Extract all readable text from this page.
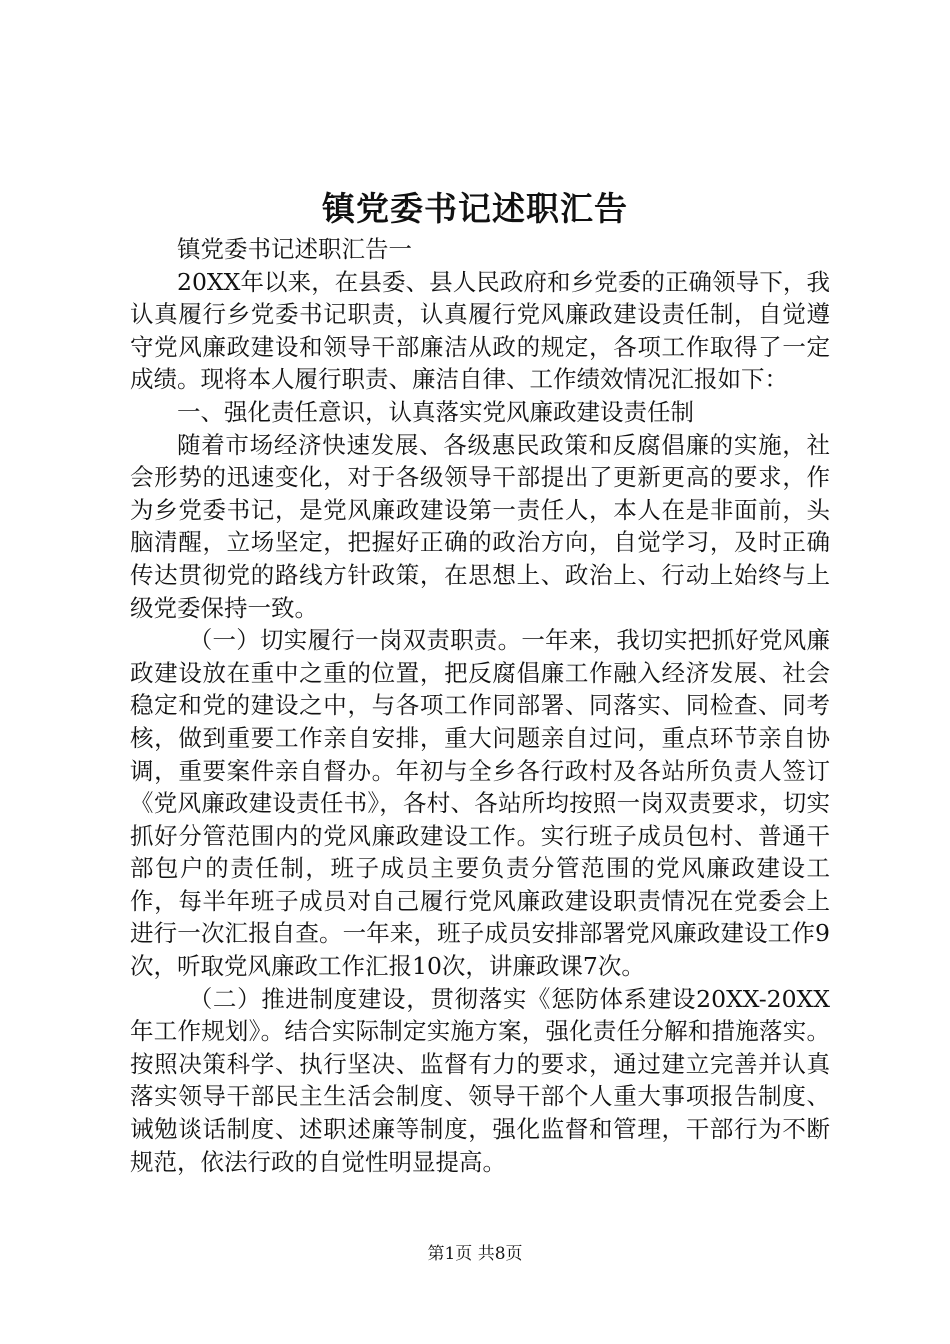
镇党委书记述职汇告

镇党委书记述职汇告一

20XX年以来，在县委、县人民政府和乡党委的正确领导下，我认真履行乡党委书记职责，认真履行党风廉政建设责任制，自觉遵守党风廉政建设和领导干部廉洁从政的规定，各项工作取得了一定成绩。现将本人履行职责、廉洁自律、工作绩效情况汇报如下：

一、强化责任意识，认真落实党风廉政建设责任制

随着市场经济快速发展、各级惠民政策和反腐倡廉的实施，社会形势的迅速变化，对于各级领导干部提出了更新更高的要求，作为乡党委书记，是党风廉政建设第一责任人，本人在是非面前，头脑清醒，立场坚定，把握好正确的政治方向，自觉学习，及时正确传达贯彻党的路线方针政策，在思想上、政治上、行动上始终与上级党委保持一致。

（一）切实履行一岗双责职责。一年来，我切实把抓好党风廉政建设放在重中之重的位置，把反腐倡廉工作融入经济发展、社会稳定和党的建设之中，与各项工作同部署、同落实、同检查、同考核，做到重要工作亲自安排，重大问题亲自过问，重点环节亲自协调，重要案件亲自督办。年初与全乡各行政村及各站所负责人签订《党风廉政建设责任书》，各村、各站所均按照一岗双责要求，切实抓好分管范围内的党风廉政建设工作。实行班子成员包村、普通干部包户的责任制，班子成员主要负责分管范围的党风廉政建设工作，每半年班子成员对自己履行党风廉政建设职责情况在党委会上进行一次汇报自查。一年来，班子成员安排部署党风廉政建设工作9次，听取党风廉政工作汇报10次，讲廉政课7次。

（二）推进制度建设，贯彻落实《惩防体系建设20XX-20XX年工作规划》。结合实际制定实施方案，强化责任分解和措施落实。按照决策科学、执行坚决、监督有力的要求，通过建立完善并认真落实领导干部民主生活会制度、领导干部个人重大事项报告制度、诫勉谈话制度、述职述廉等制度，强化监督和管理，干部行为不断规范，依法行政的自觉性明显提高。

第1页 共8页
